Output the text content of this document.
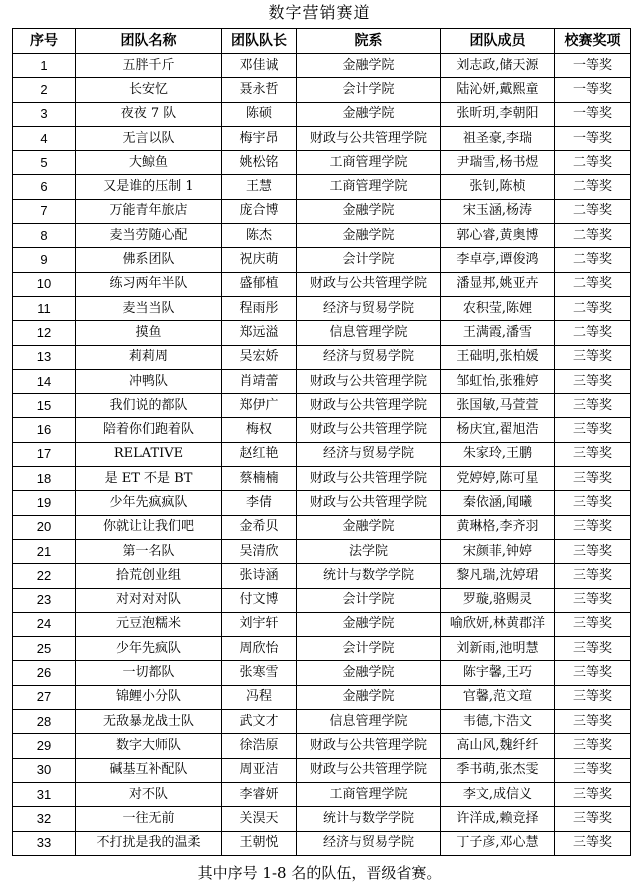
数字营销赛道
序号	团队名称	团队队长	院系	团队成员	校赛奖项
1	五胖千斤	邓佳诚	金融学院	刘志政,储天源	一等奖
2	长安忆	聂永哲	会计学院	陆沁妍,戴熙童	一等奖
3	夜夜 7 队	陈硕	金融学院	张昕玥,李朝阳	一等奖
4	无言以队	梅宇昂	财政与公共管理学院	祖圣豪,李瑞	一等奖
5	大鲸鱼	姚松铭	工商管理学院	尹瑞雪,杨书煜	二等奖
6	又是谁的压制 1	王慧	工商管理学院	张钊,陈桢	二等奖
7	万能青年旅店	庞合博	金融学院	宋玉涵,杨涛	二等奖
8	麦当劳随心配	陈杰	金融学院	郭心睿,黄奥博	二等奖
9	佛系团队	祝庆萌	会计学院	李卓亭,谭俊鸿	二等奖
10	练习两年半队	盛郁植	财政与公共管理学院	潘显邦,姚亚卉	二等奖
11	麦当当队	程雨彤	经济与贸易学院	农积莹,陈娌	二等奖
12	摸鱼	郑远溢	信息管理学院	王满霞,潘雪	二等奖
13	莉莉周	吴宏娇	经济与贸易学院	王础明,张柏媛	三等奖
14	冲鸭队	肖靖蕾	财政与公共管理学院	邹虹怡,张雅婷	三等奖
15	我们说的都队	郑伊广	财政与公共管理学院	张国敏,马萱萱	三等奖
16	陪着你们跑着队	梅权	财政与公共管理学院	杨庆宜,翟旭浩	三等奖
17	RELATIVE	赵红艳	经济与贸易学院	朱家玲,王鹏	三等奖
18	是 ET 不是 BT	蔡楠楠	财政与公共管理学院	党婷婷,陈可星	三等奖
19	少年先疯疯队	李倩	财政与公共管理学院	秦依涵,闻曦	三等奖
20	你就让让我们吧	金希贝	金融学院	黄琳格,李齐羽	三等奖
21	第一名队	吴清欣	法学院	宋颜菲,钟婷	三等奖
22	拾荒创业组	张诗涵	统计与数学学院	黎凡瑞,沈婷珺	三等奖
23	对对对对队	付文博	会计学院	罗璇,骆赐灵	三等奖
24	元豆泡糯米	刘宇轩	金融学院	喻欣妍,林黄郡洋	三等奖
25	少年先疯队	周欣怡	会计学院	刘新雨,池明慧	三等奖
26	一切都队	张寒雪	金融学院	陈宇馨,王巧	三等奖
27	锦鲤小分队	冯程	金融学院	官馨,范文瑄	三等奖
28	无敌暴龙战士队	武文才	信息管理学院	韦德,卞浩文	三等奖
29	数字大师队	徐浩原	财政与公共管理学院	高山风,魏纤纤	三等奖
30	碱基互补配队	周亚洁	财政与公共管理学院	季书萌,张杰雯	三等奖
31	对不队	李睿妍	工商管理学院	李文,成信义	三等奖
32	一往无前	关淏天	统计与数学学院	许洋成,赖竞择	三等奖
33	不打扰是我的温柔	王朝悦	经济与贸易学院	丁子彦,邓心慧	三等奖
其中序号 1-8 名的队伍，晋级省赛。
